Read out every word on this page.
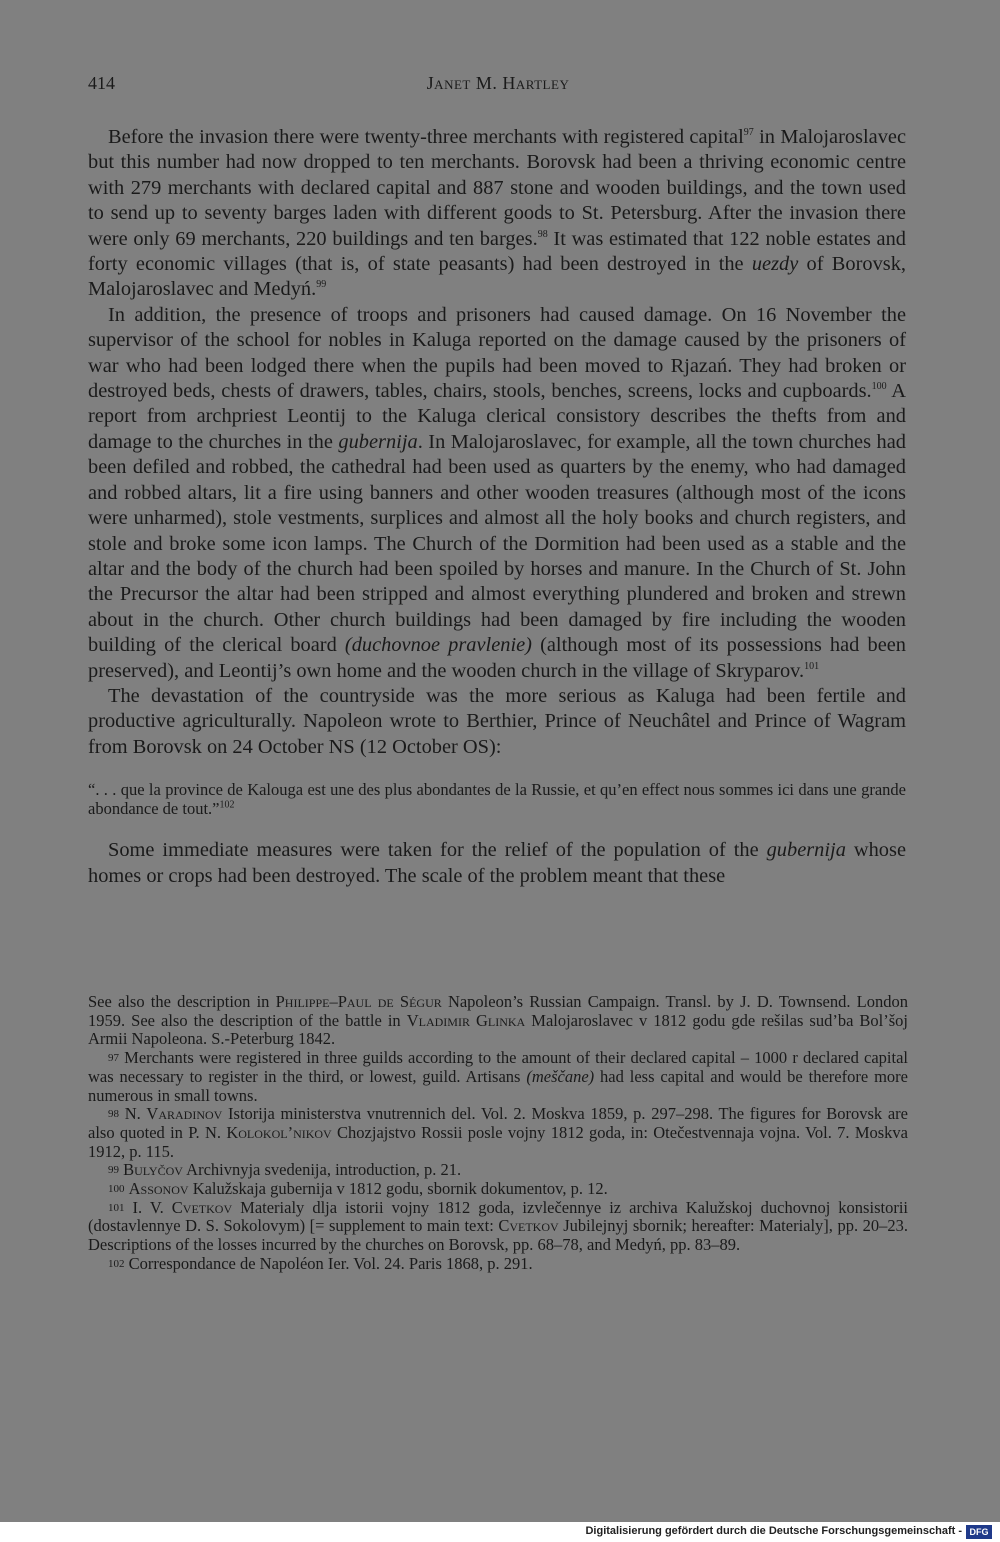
414	Janet M. Hartley

Before the invasion there were twenty-three merchants with registered capital$^{97}$ in Malojaroslavec but this number had now dropped to ten merchants. Borovsk had been a thriving economic centre with 279 merchants with declared capital and 887 stone and wooden buildings, and the town used to send up to seventy barges laden with different goods to St. Petersburg. After the invasion there were only 69 merchants, 220 buildings and ten barges.$^{98}$ It was estimated that 122 noble estates and forty economic villages (that is, of state peasants) had been destroyed in the uezdy of Borovsk, Malojaroslavec and Medyń.$^{99}$

In addition, the presence of troops and prisoners had caused damage. On 16 November the supervisor of the school for nobles in Kaluga reported on the damage caused by the prisoners of war who had been lodged there when the pupils had been moved to Rjazań. They had broken or destroyed beds, chests of drawers, tables, chairs, stools, benches, screens, locks and cupboards.$^{100}$ A report from archpriest Leontij to the Kaluga clerical consistory describes the thefts from and damage to the churches in the gubernija. In Malojaroslavec, for example, all the town churches had been defiled and robbed, the cathedral had been used as quarters by the enemy, who had damaged and robbed altars, lit a fire using banners and other wooden treasures (although most of the icons were unharmed), stole vestments, surplices and almost all the holy books and church registers, and stole and broke some icon lamps. The Church of the Dormition had been used as a stable and the altar and the body of the church had been spoiled by horses and manure. In the Church of St. John the Precursor the altar had been stripped and almost everything plundered and broken and strewn about in the church. Other church buildings had been damaged by fire including the wooden building of the clerical board (duchovnoe pravlenie) (although most of its possessions had been preserved), and Leontij’s own home and the wooden church in the village of Skryparov.$^{101}$

The devastation of the countryside was the more serious as Kaluga had been fertile and productive agriculturally. Napoleon wrote to Berthier, Prince of Neuchâtel and Prince of Wagram from Borovsk on 24 October NS (12 October OS):

“. . . que la province de Kalouga est une des plus abondantes de la Russie, et qu’en effect nous sommes ici dans une grande abondance de tout.”$^{102}$

Some immediate measures were taken for the relief of the population of the gubernija whose homes or crops had been destroyed. The scale of the problem meant that these

See also the description in Philippe–Paul de Ségur Napoleon’s Russian Campaign. Transl. by J. D. Townsend. London 1959. See also the description of the battle in Vladimir Glinka Malojaroslavec v 1812 godu gde rešilas sud’ba Bol’šoj Armii Napoleona. S.-Peterburg 1842.

97 Merchants were registered in three guilds according to the amount of their declared capital – 1000 r declared capital was necessary to register in the third, or lowest, guild. Artisans (meščane) had less capital and would be therefore more numerous in small towns.

98 N. Varadinov Istorija ministerstva vnutrennich del. Vol. 2. Moskva 1859, p. 297–298. The figures for Borovsk are also quoted in P. N. Kolokol’nikov Chozjajstvo Rossii posle vojny 1812 goda, in: Otečestvennaja vojna. Vol. 7. Moskva 1912, p. 115.

99 Bulyčov Archivnyja svedenija, introduction, p. 21.

100 Assonov Kalužskaja gubernija v 1812 godu, sbornik dokumentov, p. 12.

101 I. V. Cvetkov Materialy dlja istorii vojny 1812 goda, izvlečennye iz archiva Kalužskoj duchovnoj konsistorii (dostavlennye D. S. Sokolovym) [= supplement to main text: Cvetkov Jubilejnyj sbornik; hereafter: Materialy], pp. 20–23. Descriptions of the losses incurred by the churches on Borovsk, pp. 68–78, and Medyń, pp. 83–89.

102 Correspondance de Napoléon Ier. Vol. 24. Paris 1868, p. 291.

Digitalisierung gefördert durch die Deutsche Forschungsgemeinschaft - DFG
